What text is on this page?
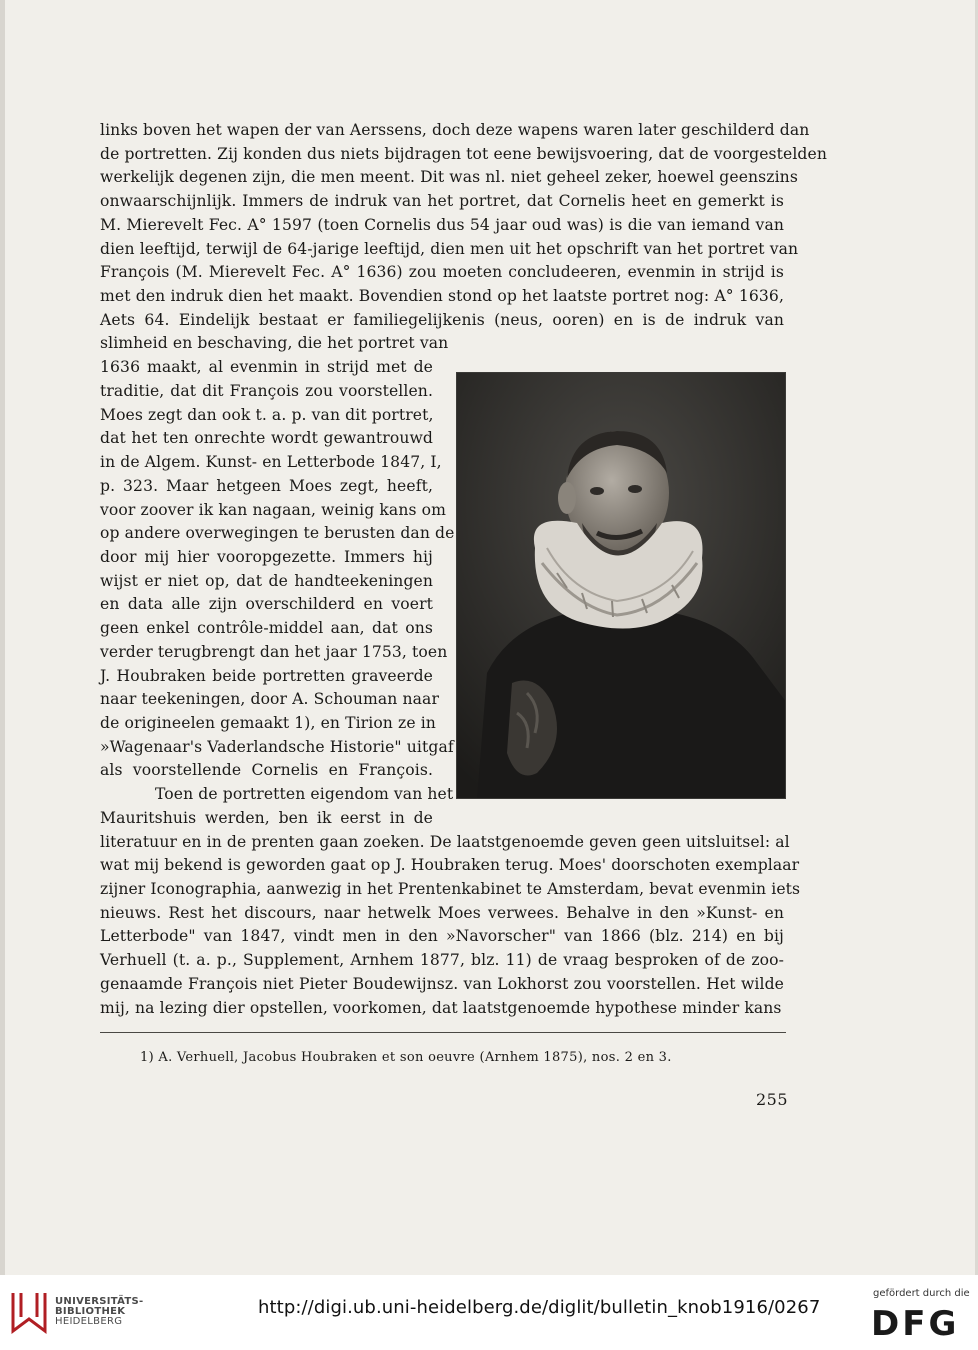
links boven het wapen der van Aerssens, doch deze wapens waren later geschilderd dan
de portretten. Zij konden dus niets bijdragen tot eene bewijsvoering, dat de voorgestelden
werkelijk degenen zijn, die men meent. Dit was nl. niet geheel zeker, hoewel geenszins
onwaarschijnlijk. Immers de indruk van het portret, dat Cornelis heet en gemerkt is
M. Mierevelt Fec. A° 1597 (toen Cornelis dus 54 jaar oud was) is die van iemand van
dien leeftijd, terwijl de 64-jarige leeftijd, dien men uit het opschrift van het portret van
François (M. Mierevelt Fec. A° 1636) zou moeten concludeeren, evenmin in strijd is
met den indruk dien het maakt. Bovendien stond op het laatste portret nog: A° 1636,
Aets 64. Eindelijk bestaat er familiegelijkenis (neus, ooren) en is de indruk van
slimheid en beschaving, die het portret van
1636 maakt, al evenmin in strijd met de
traditie, dat dit François zou voorstellen.
Moes zegt dan ook t. a. p. van dit portret,
dat het ten onrechte wordt gewantrouwd
in de Algem. Kunst- en Letterbode 1847, I,
p. 323. Maar hetgeen Moes zegt, heeft,
voor zoover ik kan nagaan, weinig kans om
op andere overwegingen te berusten dan de
door mij hier vooropgezette. Immers hij
wijst er niet op, dat de handteekeningen
en data alle zijn overschilderd en voert
geen enkel contrôle-middel aan, dat ons
verder terugbrengt dan het jaar 1753, toen
J. Houbraken beide portretten graveerde
naar teekeningen, door A. Schouman naar
de origineelen gemaakt 1), en Tirion ze in
»Wagenaar's Vaderlandsche Historie" uitgaf
als voorstellende Cornelis en François.
Toen de portretten eigendom van het
Mauritshuis werden, ben ik eerst in de
literatuur en in de prenten gaan zoeken. De laatstgenoemde geven geen uitsluitsel: al
wat mij bekend is geworden gaat op J. Houbraken terug. Moes' doorschoten exemplaar
zijner Iconographia, aanwezig in het Prentenkabinet te Amsterdam, bevat evenmin iets
nieuws. Rest het discours, naar hetwelk Moes verwees. Behalve in den »Kunst- en
Letterbode" van 1847, vindt men in den »Navorscher" van 1866 (blz. 214) en bij
Verhuell (t. a. p., Supplement, Arnhem 1877, blz. 11) de vraag besproken of de zoo-
genaamde François niet Pieter Boudewijnsz. van Lokhorst zou voorstellen. Het wilde
mij, na lezing dier opstellen, voorkomen, dat laatstgenoemde hypothese minder kans
1) A. Verhuell, Jacobus Houbraken et son oeuvre (Arnhem 1875), nos. 2 en 3.
255
UNIVERSITÄTS-
BIBLIOTHEK
HEIDELBERG
http://digi.ub.uni-heidelberg.de/diglit/bulletin_knob1916/0267
gefördert durch die
DFG
